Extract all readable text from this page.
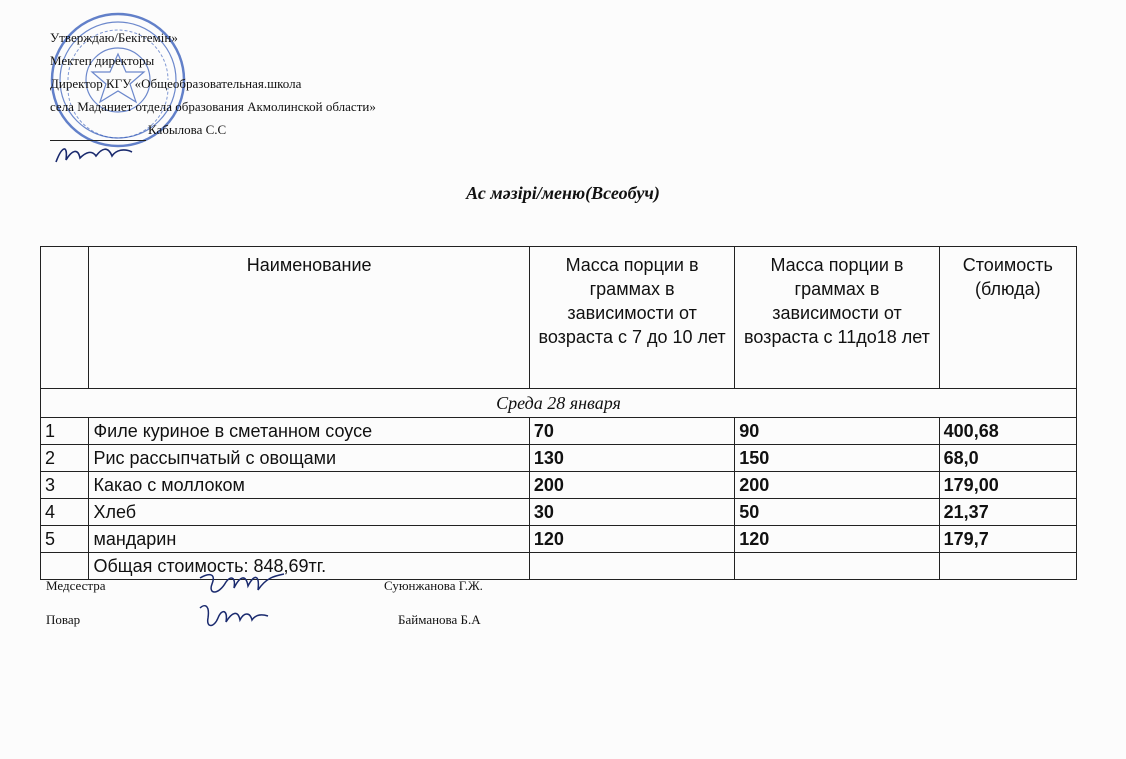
Утверждаю/Бекітемін»
Мектеп директоры
Директор КГУ «Общеобразовательная.школа
села Маданиет отдела образования Акмолинской области»
Кабылова С.С
Ас мәзірі/меню(Всеобуч)
	Наименование	Масса порции в граммах в зависимости от возраста с 7 до 10 лет	Масса порции в граммах в зависимости от возраста с 11до18 лет	Стоимость (блюда)
Среда 28 января				
1	Филе куриное в сметанном соусе	70	90	400,68
2	Рис рассыпчатый с овощами	130	150	68,0
3	Какао с моллоком	200	200	179,00
4	Хлеб	30	50	21,37
5	мандарин	120	120	179,7
	Общая стоимость: 848,69тг.			
Медсестра	Суюнжанова Г.Ж.
Повар	Байманова Б.А
